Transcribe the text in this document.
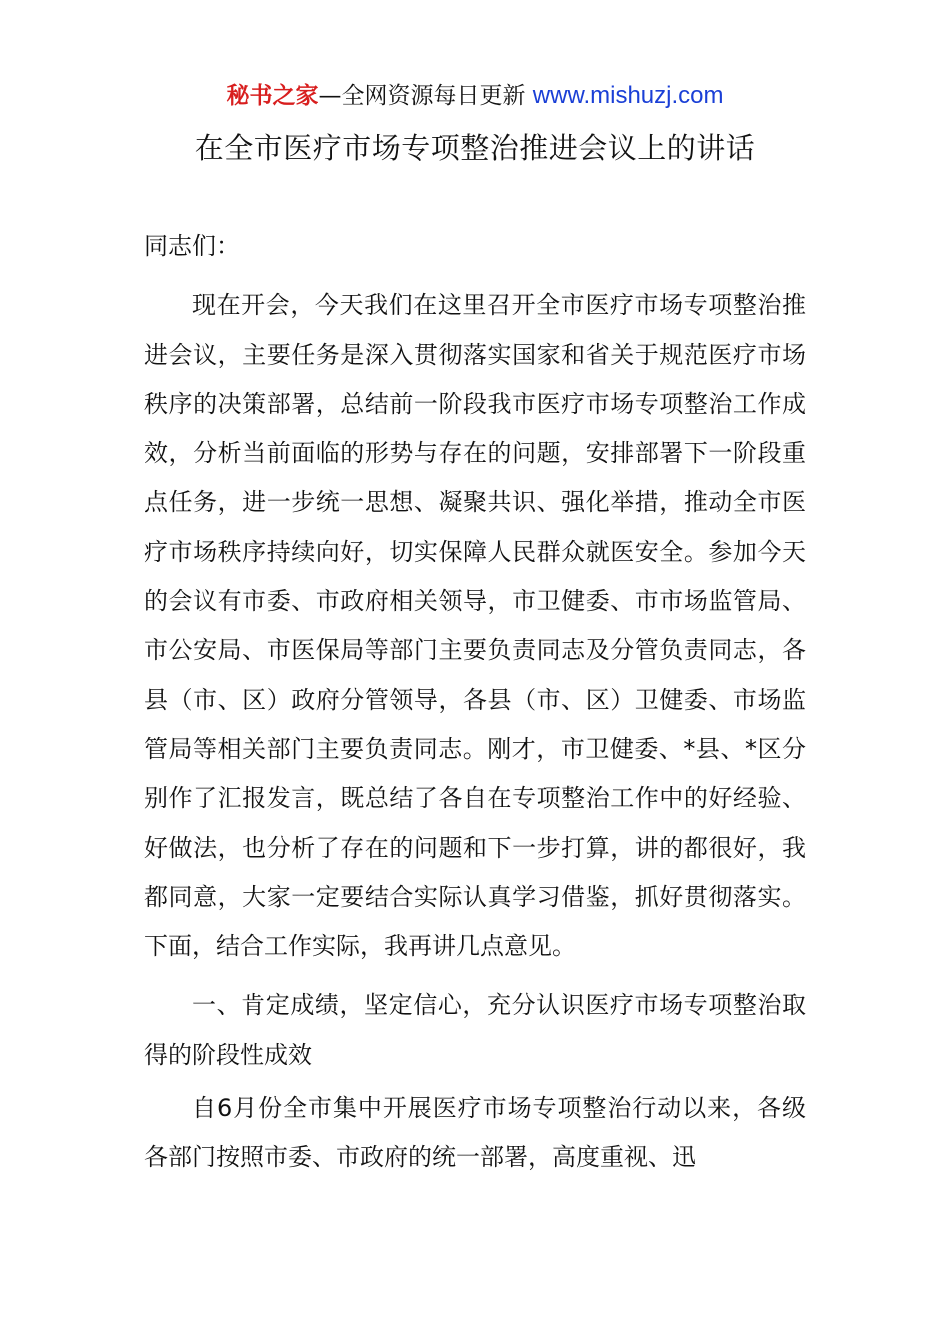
秘书之家—全网资源每日更新 www.mishuzj.com
在全市医疗市场专项整治推进会议上的讲话

同志们：

现在开会，今天我们在这里召开全市医疗市场专项整治推进会议，主要任务是深入贯彻落实国家和省关于规范医疗市场秩序的决策部署，总结前一阶段我市医疗市场专项整治工作成效，分析当前面临的形势与存在的问题，安排部署下一阶段重点任务，进一步统一思想、凝聚共识、强化举措，推动全市医疗市场秩序持续向好，切实保障人民群众就医安全。参加今天的会议有市委、市政府相关领导，市卫健委、市市场监管局、市公安局、市医保局等部门主要负责同志及分管负责同志，各县（市、区）政府分管领导，各县（市、区）卫健委、市场监管局等相关部门主要负责同志。刚才，市卫健委、*县、*区分别作了汇报发言，既总结了各自在专项整治工作中的好经验、好做法，也分析了存在的问题和下一步打算，讲的都很好，我都同意，大家一定要结合实际认真学习借鉴，抓好贯彻落实。下面，结合工作实际，我再讲几点意见。

一、肯定成绩，坚定信心，充分认识医疗市场专项整治取得的阶段性成效

自6月份全市集中开展医疗市场专项整治行动以来，各级各部门按照市委、市政府的统一部署，高度重视、迅
